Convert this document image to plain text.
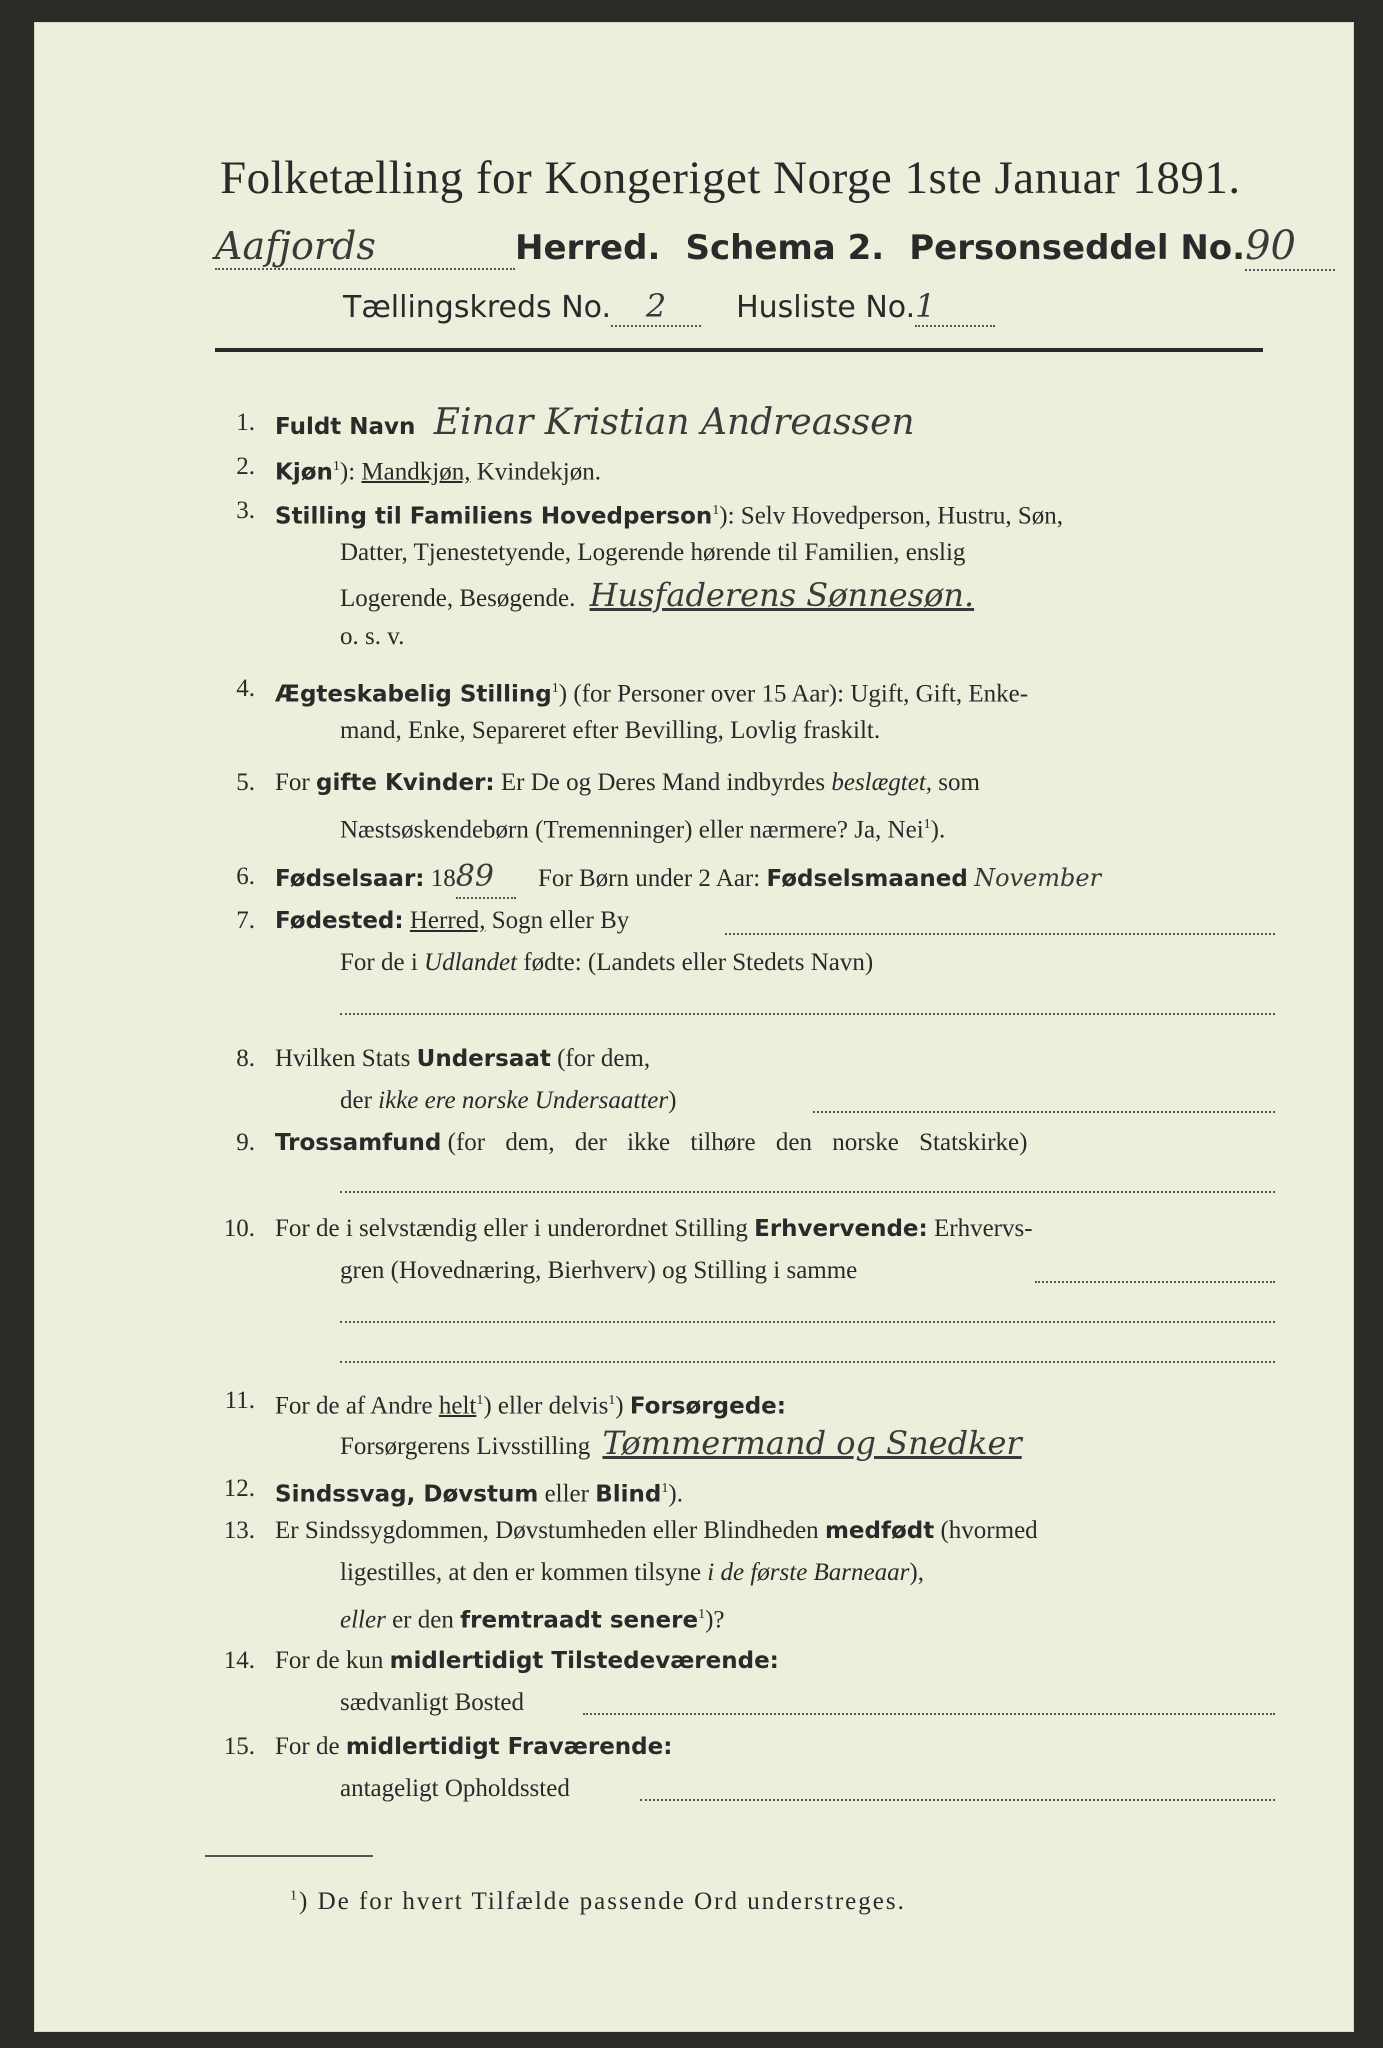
Folketælling for Kongeriget Norge 1ste Januar 1891.
Aafjords	Herred. Schema 2. Personseddel No.90
Tællingskreds No. 2 Husliste No.1
1. Fuldt Navn Einar Kristian Andreassen
2. Kjøn$^1$): Mandkjøn, Kvindekjøn.
3. Stilling til Familiens Hovedperson$^1$): Selv Hovedperson, Hustru, Søn,
Datter, Tjenestetyende, Logerende hørende til Familien, enslig
Logerende, Besøgende. Husfaderens Sønnesøn.
o. s. v.
4. Ægteskabelig Stilling$^1$) (for Personer over 15 Aar): Ugift, Gift, Enke-
mand, Enke, Separeret efter Bevilling, Lovlig fraskilt.
5. For gifte Kvinder: Er De og Deres Mand indbyrdes beslægtet, som
Næstsøskendebørn (Tremenninger) eller nærmere? Ja, Nei$^1$).
6. Fødselsaar: 1889 For Børn under 2 Aar: Fødselsmaaned November
7. Fødested: Herred, Sogn eller By
For de i Udlandet fødte: (Landets eller Stedets Navn)
8. Hvilken Stats Undersaat (for dem,
der ikke ere norske Undersaatter)
9. Trossamfund (for dem, der ikke tilhøre den norske Statskirke)
10. For de i selvstændig eller i underordnet Stilling Erhvervende: Erhvervs-
gren (Hovednæring, Bierhverv) og Stilling i samme
11. For de af Andre helt$^1$) eller delvis$^1$) Forsørgede:
Forsørgerens Livsstilling Tømmermand og Snedker
12. Sindssvag, Døvstum eller Blind$^1$).
13. Er Sindssygdommen, Døvstumheden eller Blindheden medfødt (hvormed
ligestilles, at den er kommen tilsyne i de første Barneaar),
eller er den fremtraadt senere$^1$)?
14. For de kun midlertidigt Tilstedeværende:
sædvanligt Bosted
15. For de midlertidigt Fraværende:
antageligt Opholdssted
$^1$) De for hvert Tilfælde passende Ord understreges.
